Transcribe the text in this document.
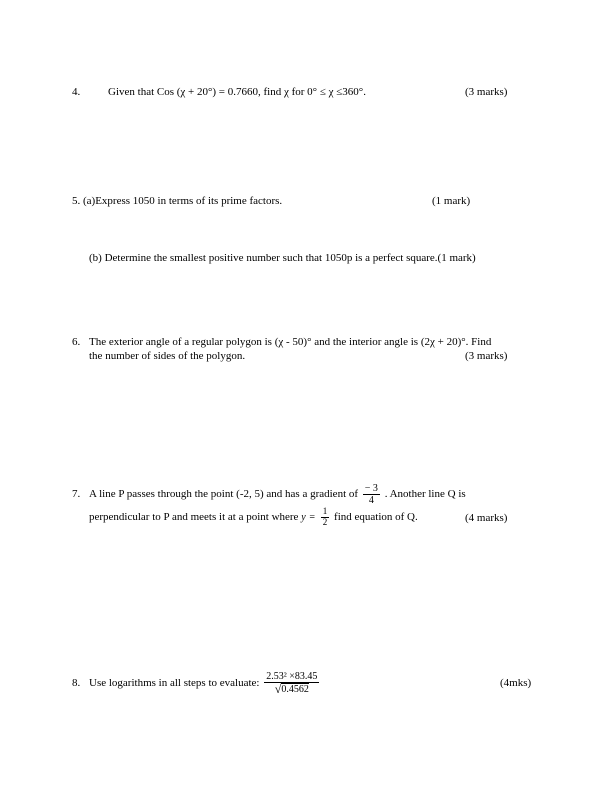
4.	Given that Cos (χ + 20°) = 0.7660, find χ for 0° ≤ χ ≤360°.	(3 marks)
5. (a)Express 1050 in terms of its prime factors.	(1 mark)
(b) Determine the smallest positive number such that 1050p is a perfect square.(1 mark)
6. The exterior angle of a regular polygon is (χ - 50)° and the interior angle is (2χ + 20)°. Find
the number of sides of the polygon.	(3 marks)
7. A line P passes through the point (-2, 5) and has a gradient of $\frac{- 3}{4}$ . Another line Q is
perpendicular to P and meets it at a point where $y = \frac{1}{2}$ find equation of Q.	(4 marks)
8. Use logarithms in all steps to evaluate: $\frac{\text{2.53² ×83.45}}{√0.4562}$	(4mks)
